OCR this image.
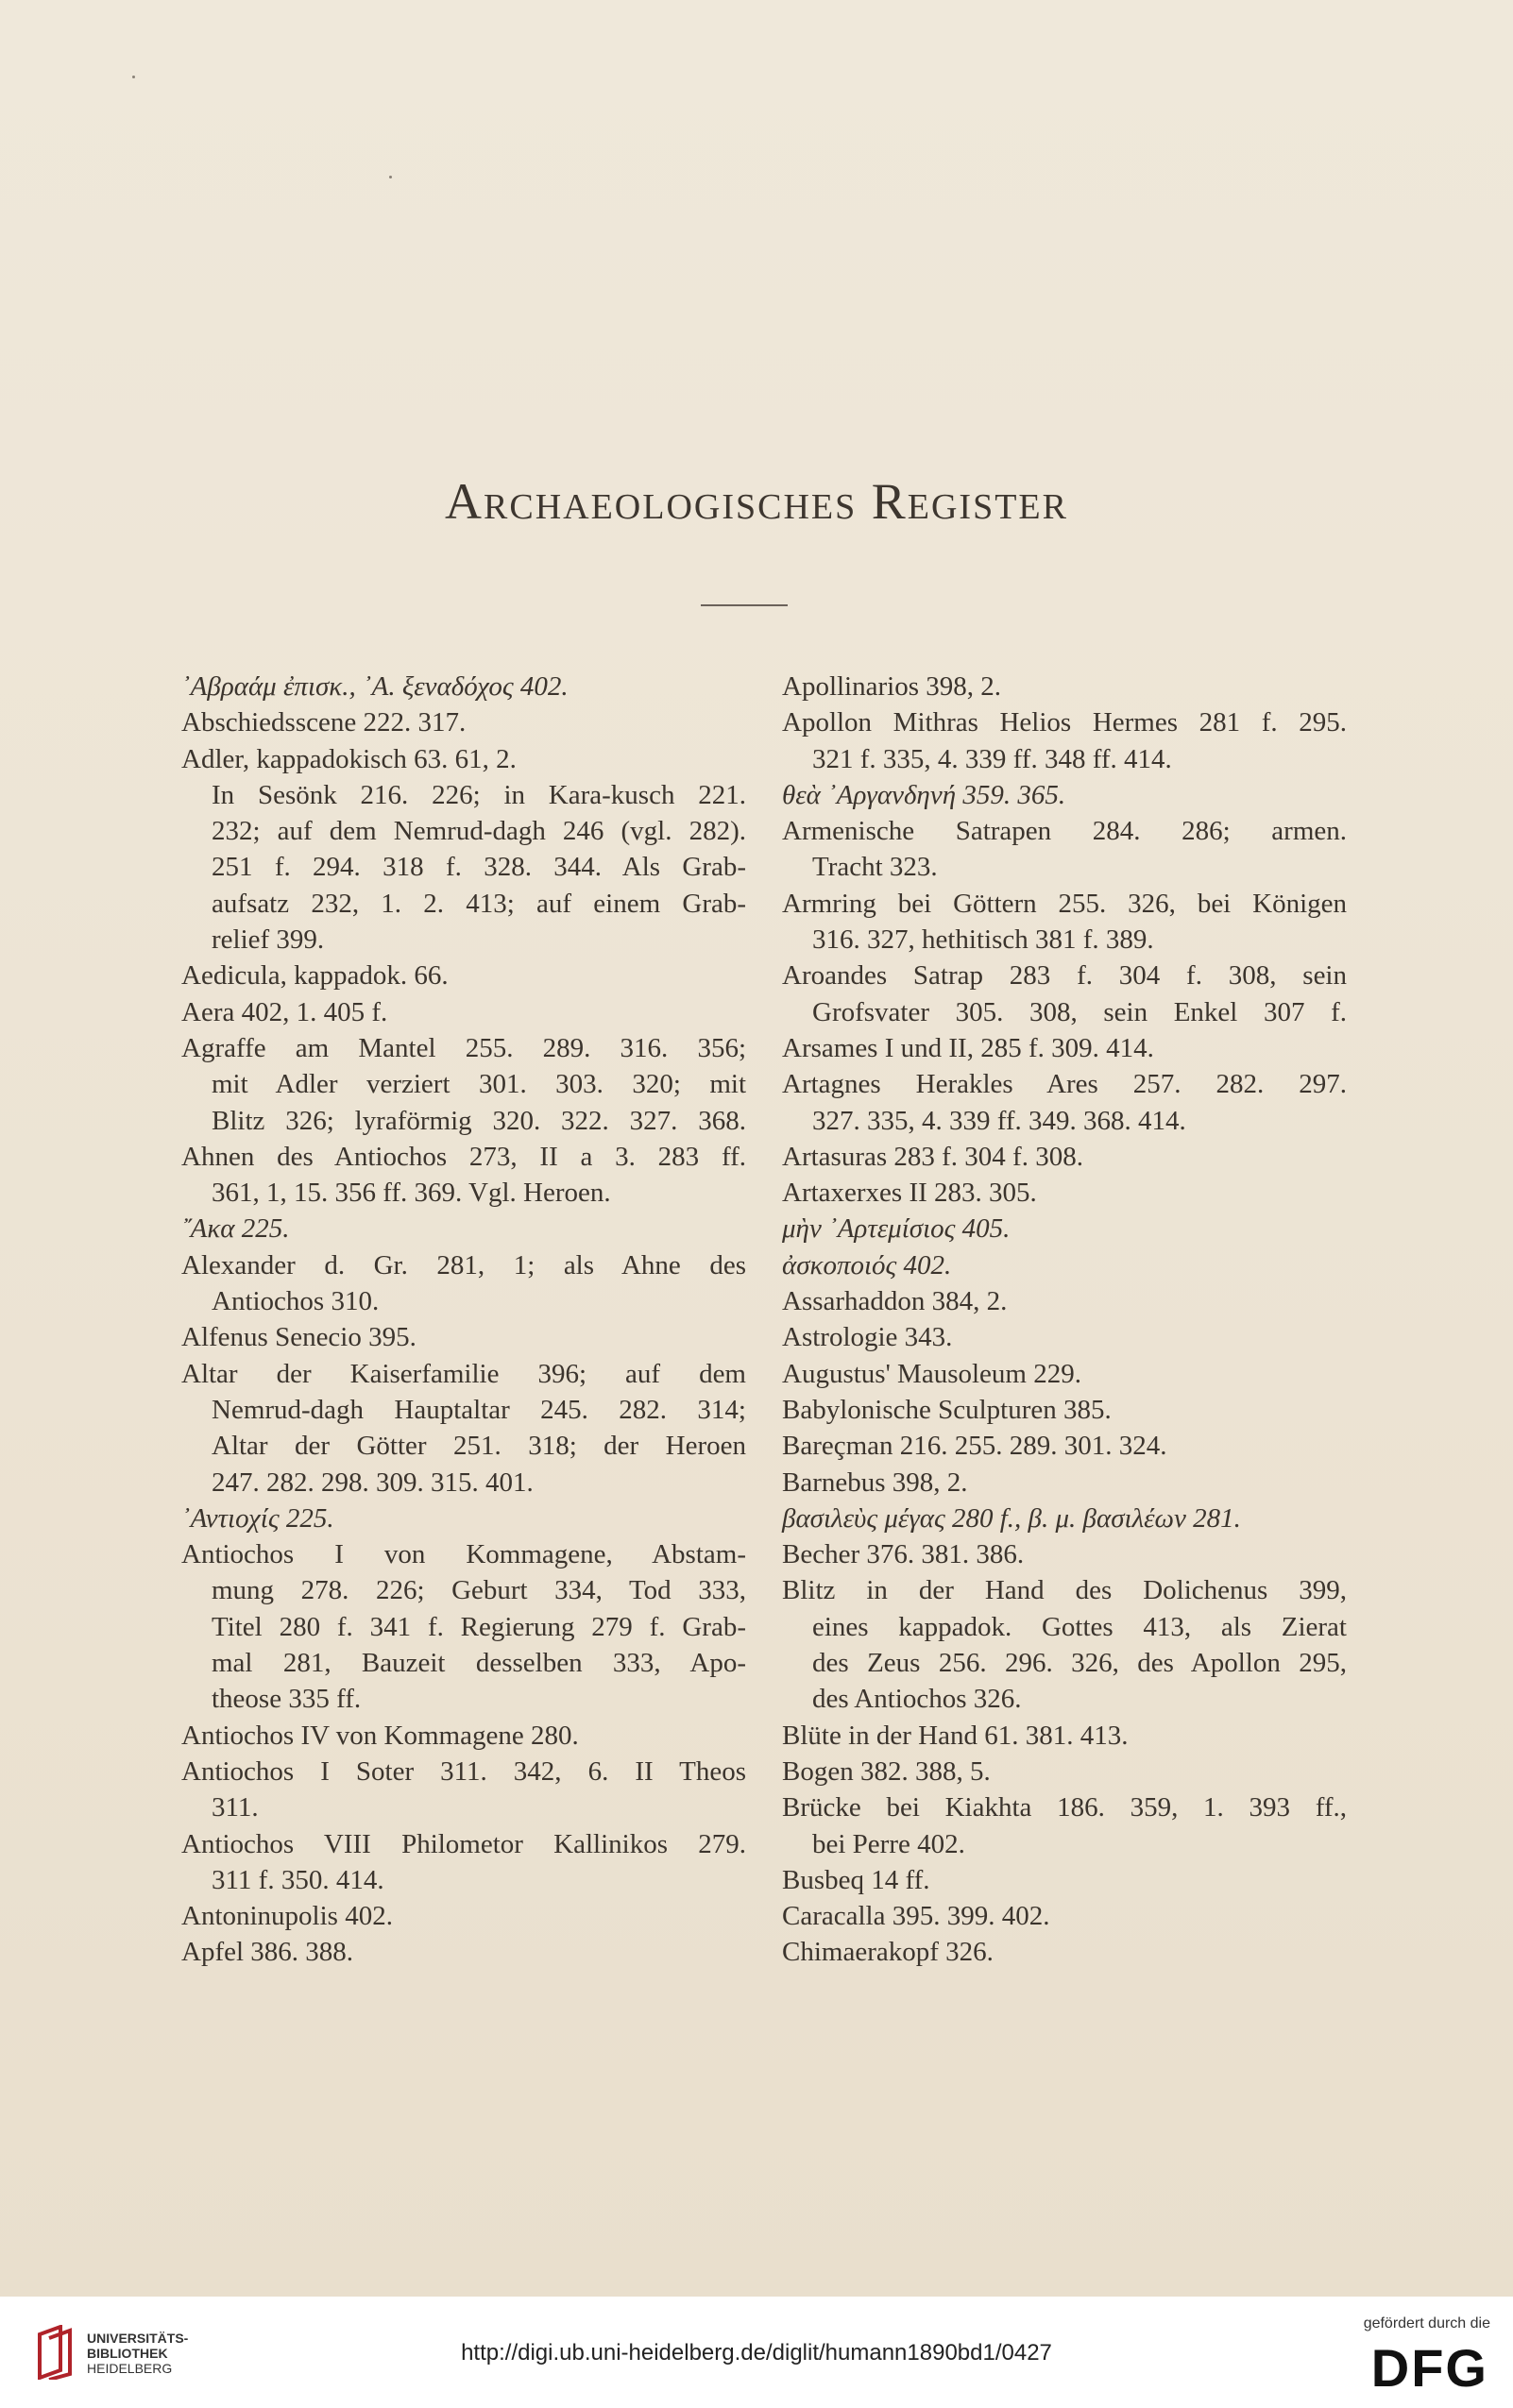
Archaeologisches Register
᾿Αβραάμ ἐπισκ., ᾿Α. ξεναδόχος 402.
Abschiedsscene 222. 317.
Adler, kappadokisch 63. 61, 2.
In Sesönk 216. 226; in Kara-kusch 221.
232; auf dem Nemrud-dagh 246 (vgl. 282).
251 f. 294. 318 f. 328. 344. Als Grab-
aufsatz 232, 1. 2. 413; auf einem Grab-
relief 399.
Aedicula, kappadok. 66.
Aera 402, 1. 405 f.
Agraffe am Mantel 255. 289. 316. 356;
mit Adler verziert 301. 303. 320; mit
Blitz 326; lyraförmig 320. 322. 327. 368.
Ahnen des Antiochos 273, II a 3. 283 ff.
361, 1, 15. 356 ff. 369. Vgl. Heroen.
῎Ακα 225.
Alexander d. Gr. 281, 1; als Ahne des
Antiochos 310.
Alfenus Senecio 395.
Altar der Kaiserfamilie 396; auf dem
Nemrud-dagh Hauptaltar 245. 282. 314;
Altar der Götter 251. 318; der Heroen
247. 282. 298. 309. 315. 401.
᾿Αντιοχίς 225.
Antiochos I von Kommagene, Abstam-
mung 278. 226; Geburt 334, Tod 333,
Titel 280 f. 341 f. Regierung 279 f. Grab-
mal 281, Bauzeit desselben 333, Apo-
theose 335 ff.
Antiochos IV von Kommagene 280.
Antiochos I Soter 311. 342, 6. II Theos
311.
Antiochos VIII Philometor Kallinikos 279.
311 f. 350. 414.
Antoninupolis 402.
Apfel 386. 388.
Apollinarios 398, 2.
Apollon Mithras Helios Hermes 281 f. 295.
321 f. 335, 4. 339 ff. 348 ff. 414.
θεὰ ᾿Αργανδηνή 359. 365.
Armenische Satrapen 284. 286; armen.
Tracht 323.
Armring bei Göttern 255. 326, bei Königen
316. 327, hethitisch 381 f. 389.
Aroandes Satrap 283 f. 304 f. 308, sein
Grofsvater 305. 308, sein Enkel 307 f.
Arsames I und II, 285 f. 309. 414.
Artagnes Herakles Ares 257. 282. 297.
327. 335, 4. 339 ff. 349. 368. 414.
Artasuras 283 f. 304 f. 308.
Artaxerxes II 283. 305.
μὴν ᾿Αρτεμίσιος 405.
ἀσκοποιός 402.
Assarhaddon 384, 2.
Astrologie 343.
Augustus' Mausoleum 229.
Babylonische Sculpturen 385.
Bareçman 216. 255. 289. 301. 324.
Barnebus 398, 2.
βασιλεὺς μέγας 280 f., β. μ. βασιλέων 281.
Becher 376. 381. 386.
Blitz in der Hand des Dolichenus 399,
eines kappadok. Gottes 413, als Zierat
des Zeus 256. 296. 326, des Apollon 295,
des Antiochos 326.
Blüte in der Hand 61. 381. 413.
Bogen 382. 388, 5.
Brücke bei Kiakhta 186. 359, 1. 393 ff.,
bei Perre 402.
Busbeq 14 ff.
Caracalla 395. 399. 402.
Chimaerakopf 326.
UNIVERSITÄTS-
BIBLIOTHEK
HEIDELBERG
http://digi.ub.uni-heidelberg.de/diglit/humann1890bd1/0427
gefördert durch die
DFG
